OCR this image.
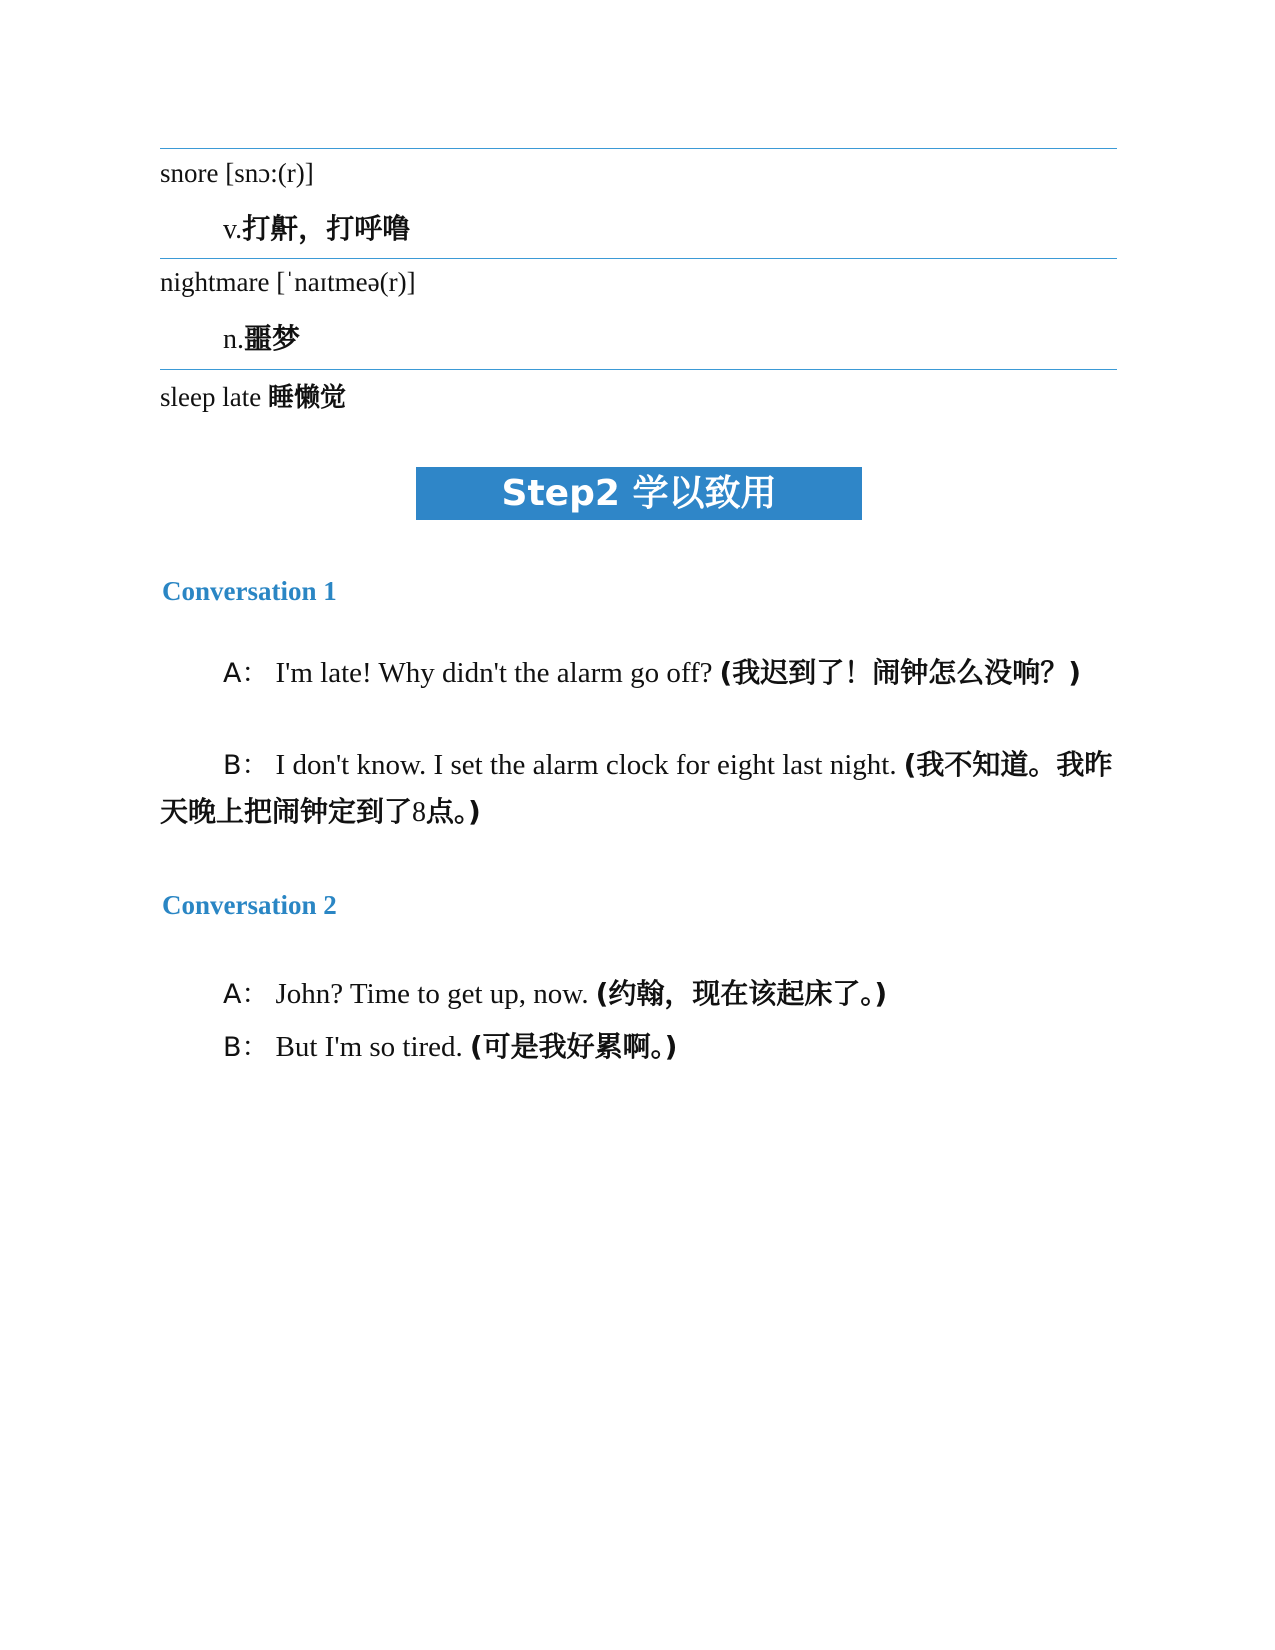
snore [snɔ:(r)]
v.打鼾，打呼噜
nightmare [ˈnaɪtmeə(r)]
n.噩梦
sleep late 睡懒觉
Step2 学以致用
Conversation 1
A： I'm late! Why didn't the alarm go off? (我迟到了！闹钟怎么没响？)
B： I don't know. I set the alarm clock for eight last night. (我不知道。我昨天晚上把闹钟定到了8点。)
Conversation 2
A： John? Time to get up, now. (约翰，现在该起床了。)
B： But I'm so tired. (可是我好累啊。)
